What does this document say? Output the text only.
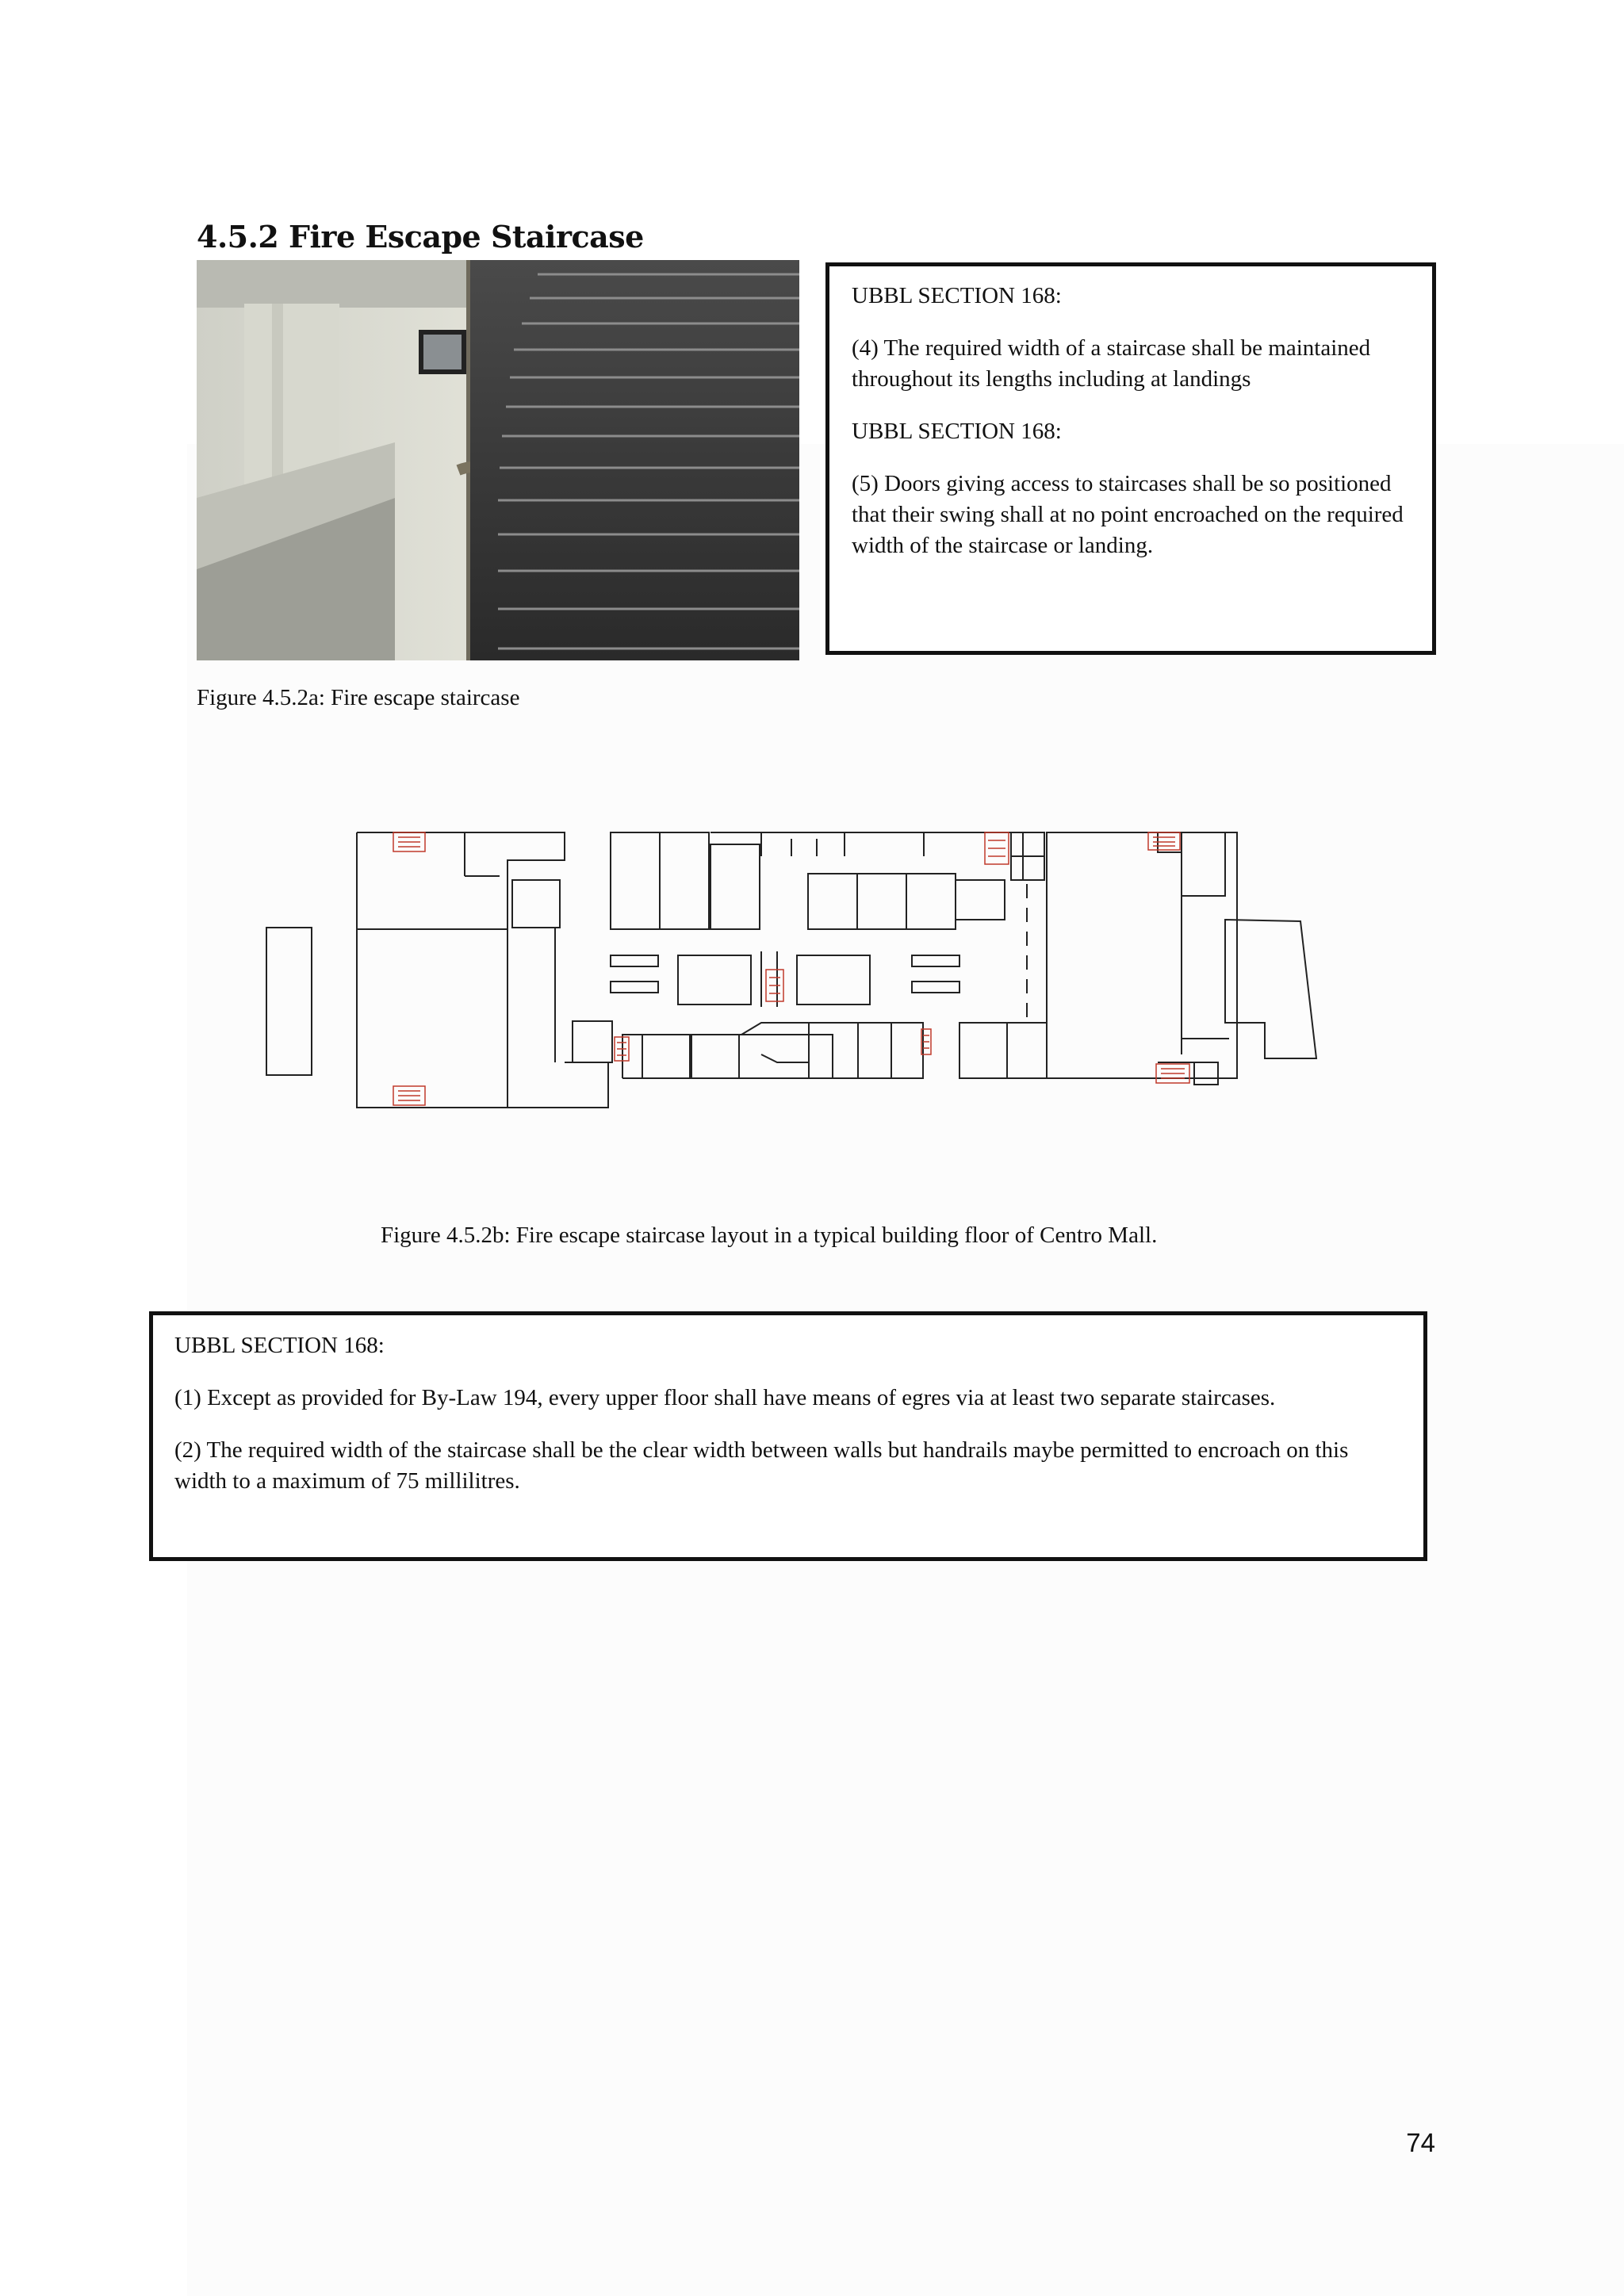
4.5.2 Fire Escape Staircase
Figure 4.5.2a: Fire escape staircase

UBBL SECTION 168:

(4) The required width of a staircase shall be maintained throughout its lengths including at landings

UBBL SECTION 168:

(5) Doors giving access to staircases shall be so positioned that their swing shall at no point encroached on the required width of the staircase or landing.

Figure 4.5.2b: Fire escape staircase layout in a typical building floor of Centro Mall.

UBBL SECTION 168:

(1) Except as provided for By-Law 194, every upper floor shall have means of egres via at least two separate staircases.

(2) The required width of the staircase shall be the clear width between walls but handrails maybe permitted to encroach on this width to a maximum of 75 millilitres.

74
